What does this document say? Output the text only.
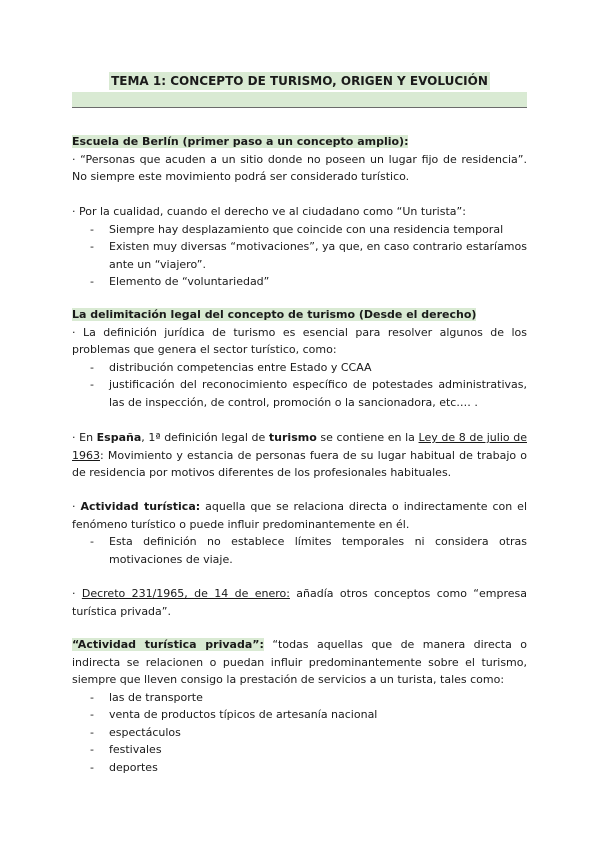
TEMA 1: CONCEPTO DE TURISMO, ORIGEN Y EVOLUCIÓN
Escuela de Berlín (primer paso a un concepto amplio):
· “Personas que acuden a un sitio donde no poseen un lugar fijo de residencia”. No siempre este movimiento podrá ser considerado turístico.
· Por la cualidad, cuando el derecho ve al ciudadano como “Un turista”:
- Siempre hay desplazamiento que coincide con una residencia temporal
- Existen muy diversas “motivaciones”, ya que, en caso contrario estaríamos ante un “viajero”.
- Elemento de “voluntariedad”
La delimitación legal del concepto de turismo (Desde el derecho)
· La definición jurídica de turismo es esencial para resolver algunos de los problemas que genera el sector turístico, como:
- distribución competencias entre Estado y CCAA
- justificación del reconocimiento específico de potestades administrativas, las de inspección, de control, promoción o la sancionadora, etc.… .
· En España, 1ª definición legal de turismo se contiene en la Ley de 8 de julio de 1963: Movimiento y estancia de personas fuera de su lugar habitual de trabajo o de residencia por motivos diferentes de los profesionales habituales.
· Actividad turística: aquella que se relaciona directa o indirectamente con el fenómeno turístico o puede influir predominantemente en él.
- Esta definición no establece límites temporales ni considera otras motivaciones de viaje.
· Decreto 231/1965, de 14 de enero: añadía otros conceptos como “empresa turística privada”.
“Actividad turística privada”: “todas aquellas que de manera directa o indirecta se relacionen o puedan influir predominantemente sobre el turismo, siempre que lleven consigo la prestación de servicios a un turista, tales como:
- las de transporte
- venta de productos típicos de artesanía nacional
- espectáculos
- festivales
- deportes
